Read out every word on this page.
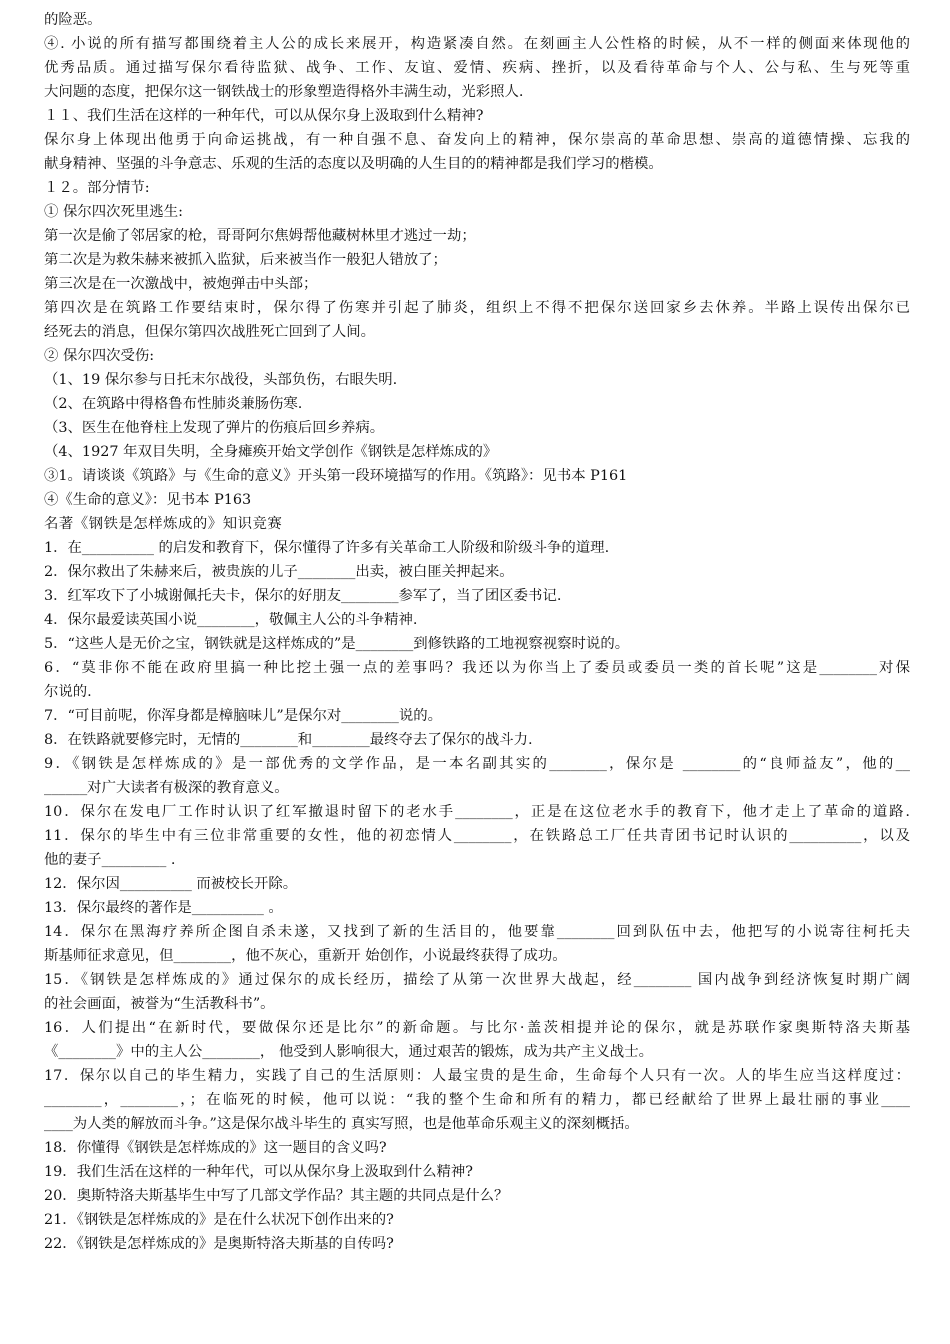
的险恶。
④. 小说的所有描写都围绕着主人公的成长来展开，构造紧凑自然。在刻画主人公性格的时候，从不一样的侧面来体现他的
优秀品质。通过描写保尔看待监狱、战争、工作、友谊、爱情、疾病、挫折，以及看待革命与个人、公与私、生与死等重
大问题的态度，把保尔这一钢铁战士的形象塑造得格外丰满生动，光彩照人.
１１、我们生活在这样的一种年代，可以从保尔身上汲取到什么精神?
保尔身上体现出他勇于向命运挑战，有一种自强不息、奋发向上的精神，保尔崇高的革命思想、崇高的道德情操、忘我的
献身精神、坚强的斗争意志、乐观的生活的态度以及明确的人生目的的精神都是我们学习的楷模。
１２。部分情节:
① 保尔四次死里逃生:
第一次是偷了邻居家的枪，哥哥阿尔焦姆帮他藏树林里才逃过一劫；
第二次是为救朱赫来被抓入监狱，后来被当作一般犯人错放了；
第三次是在一次激战中，被炮弹击中头部；
第四次是在筑路工作要结束时，保尔得了伤寒并引起了肺炎，组织上不得不把保尔送回家乡去休养。半路上误传出保尔已
经死去的消息，但保尔第四次战胜死亡回到了人间。
② 保尔四次受伤:
（1、19 保尔参与日托末尔战役，头部负伤，右眼失明.
（2、在筑路中得格鲁布性肺炎兼肠伤寒.
（3、医生在他脊柱上发现了弹片的伤痕后回乡养病。
（4、1927 年双目失明，全身瘫痪开始文学创作《钢铁是怎样炼成的》
③1。请谈谈《筑路》与《生命的意义》开头第一段环境描写的作用。《筑路》：见书本 P161
④《生命的意义》：见书本 P163
名著《钢铁是怎样炼成的》知识竞赛
1．在__________ 的启发和教育下，保尔懂得了许多有关革命工人阶级和阶级斗争的道理.
2．保尔救出了朱赫来后，被贵族的儿子________出卖，被白匪关押起来。
3．红军攻下了小城谢佩托夫卡，保尔的好朋友________参军了，当了团区委书记.
4．保尔最爱读英国小说________，敬佩主人公的斗争精神.
5．“这些人是无价之宝，钢铁就是这样炼成的”是________到修铁路的工地视察视察时说的。
6．“莫非你不能在政府里搞一种比挖土强一点的差事吗？我还以为你当上了委员或委员一类的首长呢”这是________对保
尔说的.
7．“可目前呢，你浑身都是樟脑味儿”是保尔对________说的。
8．在铁路就要修完时，无情的________和________最终夺去了保尔的战斗力.
9．《钢铁是怎样炼成的》是一部优秀的文学作品，是一本名副其实的________，保尔是 ________的“良师益友”，他的__
______对广大读者有极深的教育意义。
10．保尔在发电厂工作时认识了红军撤退时留下的老水手________，正是在这位老水手的教育下，他才走上了革命的道路.
11．保尔的毕生中有三位非常重要的女性，他的初恋情人________，在铁路总工厂任共青团书记时认识的__________，以及
他的妻子_________ .
12．保尔因__________ 而被校长开除。
13．保尔最终的著作是__________ 。
14．保尔在黑海疗养所企图自杀未遂，又找到了新的生活目的，他要靠________回到队伍中去，他把写的小说寄往柯托夫
斯基师征求意见，但________，他不灰心，重新开 始创作，小说最终获得了成功。
15．《钢铁是怎样炼成的》通过保尔的成长经历，描绘了从第一次世界大战起，经________ 国内战争到经济恢复时期广阔
的社会画面，被誉为“生活教科书”。
16．人们提出“在新时代，要做保尔还是比尔”的新命题。与比尔·盖茨相提并论的保尔，就是苏联作家奥斯特洛夫斯基
《________》中的主人公________， 他受到人影响很大，通过艰苦的锻炼，成为共产主义战士。
17．保尔以自己的毕生精力，实践了自己的生活原则：人最宝贵的是生命，生命每个人只有一次。人的毕生应当这样度过：
________，________，；在临死的时候，他可以说：“我的整个生命和所有的精力，都已经献给了世界上最壮丽的事业____
____为人类的解放而斗争。”这是保尔战斗毕生的 真实写照，也是他革命乐观主义的深刻概括。
18．你懂得《钢铁是怎样炼成的》这一题目的含义吗?
19．我们生活在这样的一种年代，可以从保尔身上汲取到什么精神?
20．奥斯特洛夫斯基毕生中写了几部文学作品？其主题的共同点是什么？
21．《钢铁是怎样炼成的》是在什么状况下创作出来的?
22．《钢铁是怎样炼成的》是奥斯特洛夫斯基的自传吗?
